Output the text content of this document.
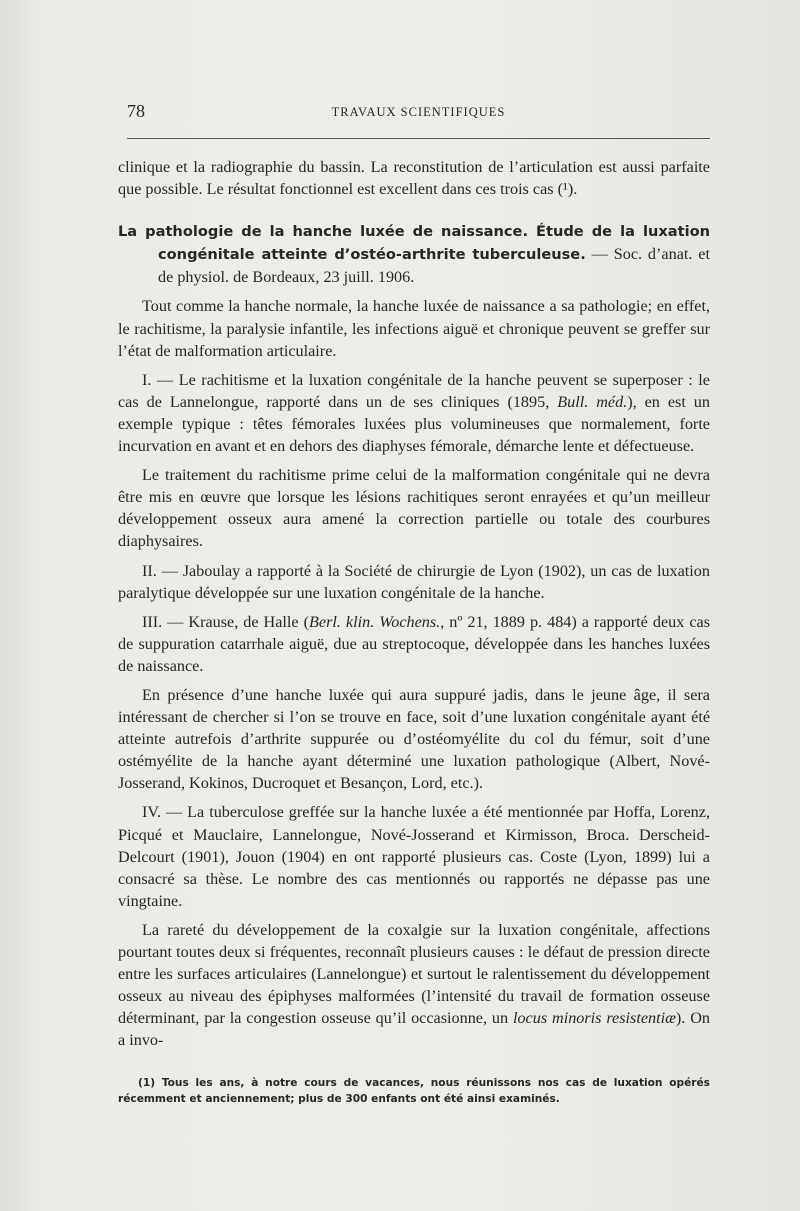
78	TRAVAUX SCIENTIFIQUES

clinique et la radiographie du bassin. La reconstitution de l’articulation est aussi parfaite que possible. Le résultat fonctionnel est excellent dans ces trois cas (¹).

La pathologie de la hanche luxée de naissance. Étude de la luxation congénitale atteinte d’ostéo-arthrite tuberculeuse. — Soc. d’anat. et de physiol. de Bordeaux, 23 juill. 1906.

Tout comme la hanche normale, la hanche luxée de naissance a sa pathologie; en effet, le rachitisme, la paralysie infantile, les infections aiguë et chronique peuvent se greffer sur l’état de malformation articulaire.

I. — Le rachitisme et la luxation congénitale de la hanche peuvent se superposer : le cas de Lannelongue, rapporté dans un de ses cliniques (1895, Bull. méd.), en est un exemple typique : têtes fémorales luxées plus volumineuses que normalement, forte incurvation en avant et en dehors des diaphyses fémorale, démarche lente et défectueuse.

Le traitement du rachitisme prime celui de la malformation congénitale qui ne devra être mis en œuvre que lorsque les lésions rachitiques seront enrayées et qu’un meilleur développement osseux aura amené la correction partielle ou totale des courbures diaphysaires.

II. — Jaboulay a rapporté à la Société de chirurgie de Lyon (1902), un cas de luxation paralytique développée sur une luxation congénitale de la hanche.

III. — Krause, de Halle (Berl. klin. Wochens., nº 21, 1889 p. 484) a rapporté deux cas de suppuration catarrhale aiguë, due au streptocoque, développée dans les hanches luxées de naissance.

En présence d’une hanche luxée qui aura suppuré jadis, dans le jeune âge, il sera intéressant de chercher si l’on se trouve en face, soit d’une luxation congénitale ayant été atteinte autrefois d’arthrite suppurée ou d’ostéomyélite du col du fémur, soit d’une ostémyélite de la hanche ayant déterminé une luxation pathologique (Albert, Nové-Josserand, Kokinos, Ducroquet et Besançon, Lord, etc.).

IV. — La tuberculose greffée sur la hanche luxée a été mentionnée par Hoffa, Lorenz, Picqué et Mauclaire, Lannelongue, Nové-Josserand et Kirmisson, Broca. Derscheid-Delcourt (1901), Jouon (1904) en ont rapporté plusieurs cas. Coste (Lyon, 1899) lui a consacré sa thèse. Le nombre des cas mentionnés ou rapportés ne dépasse pas une vingtaine.

La rareté du développement de la coxalgie sur la luxation congénitale, affections pourtant toutes deux si fréquentes, reconnaît plusieurs causes : le défaut de pression directe entre les surfaces articulaires (Lannelongue) et surtout le ralentissement du développement osseux au niveau des épiphyses malformées (l’intensité du travail de formation osseuse déterminant, par la congestion osseuse qu’il occasionne, un locus minoris resistentiæ). On a invo-

(1) Tous les ans, à notre cours de vacances, nous réunissons nos cas de luxation opérés récemment et anciennement; plus de 300 enfants ont été ainsi examinés.
